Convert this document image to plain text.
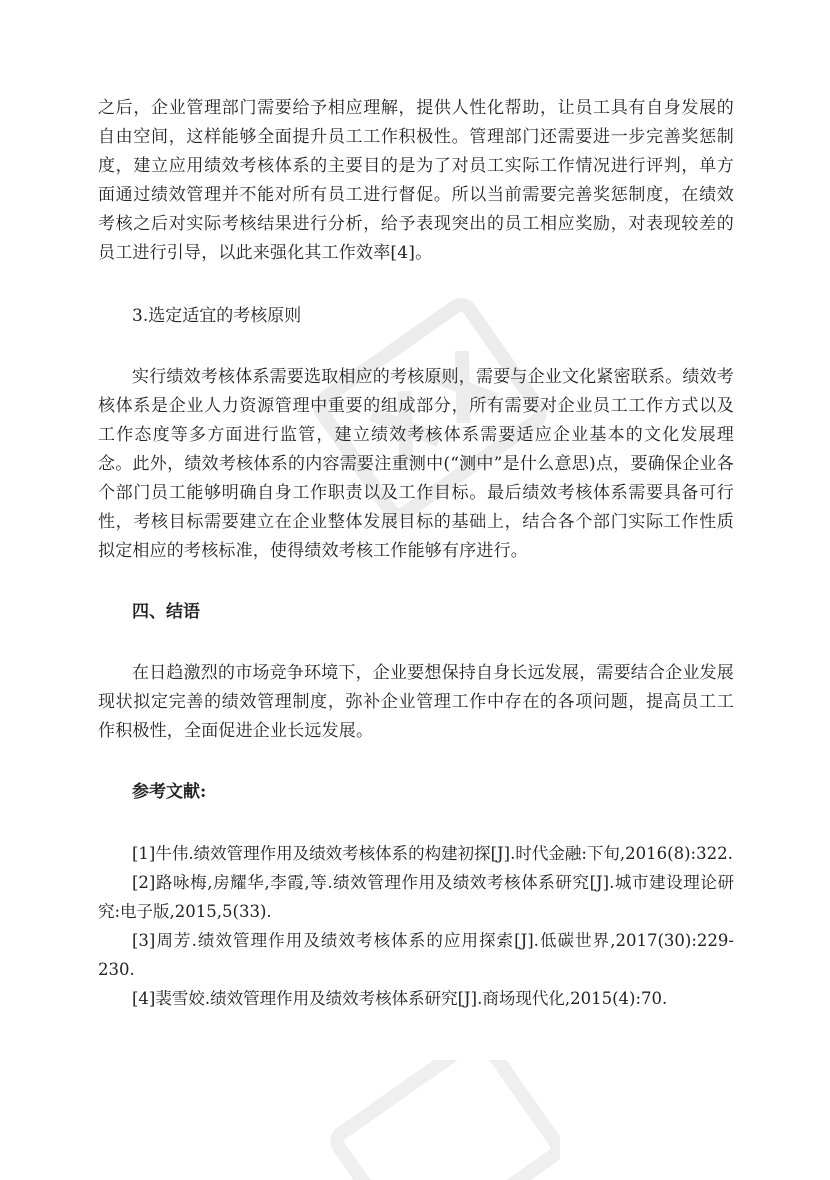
之后，企业管理部门需要给予相应理解，提供人性化帮助，让员工具有自身发展的自由空间，这样能够全面提升员工工作积极性。管理部门还需要进一步完善奖惩制度，建立应用绩效考核体系的主要目的是为了对员工实际工作情况进行评判，单方面通过绩效管理并不能对所有员工进行督促。所以当前需要完善奖惩制度，在绩效考核之后对实际考核结果进行分析，给予表现突出的员工相应奖励，对表现较差的员工进行引导，以此来强化其工作效率[4]。

3.选定适宜的考核原则

实行绩效考核体系需要选取相应的考核原则，需要与企业文化紧密联系。绩效考核体系是企业人力资源管理中重要的组成部分，所有需要对企业员工工作方式以及工作态度等多方面进行监管，建立绩效考核体系需要适应企业基本的文化发展理念。此外，绩效考核体系的内容需要注重测中(“测中”是什么意思)点，要确保企业各个部门员工能够明确自身工作职责以及工作目标。最后绩效考核体系需要具备可行性，考核目标需要建立在企业整体发展目标的基础上，结合各个部门实际工作性质拟定相应的考核标准，使得绩效考核工作能够有序进行。

四、结语

在日趋激烈的市场竞争环境下，企业要想保持自身长远发展，需要结合企业发展现状拟定完善的绩效管理制度，弥补企业管理工作中存在的各项问题，提高员工工作积极性，全面促进企业长远发展。

参考文献:

[1]牛伟.绩效管理作用及绩效考核体系的构建初探[J].时代金融:下旬,2016(8):322.

[2]路咏梅,房耀华,李霞,等.绩效管理作用及绩效考核体系研究[J].城市建设理论研究:电子版,2015,5(33).

[3]周芳.绩效管理作用及绩效考核体系的应用探索[J].低碳世界,2017(30):229-230.

[4]裴雪姣.绩效管理作用及绩效考核体系研究[J].商场现代化,2015(4):70.
